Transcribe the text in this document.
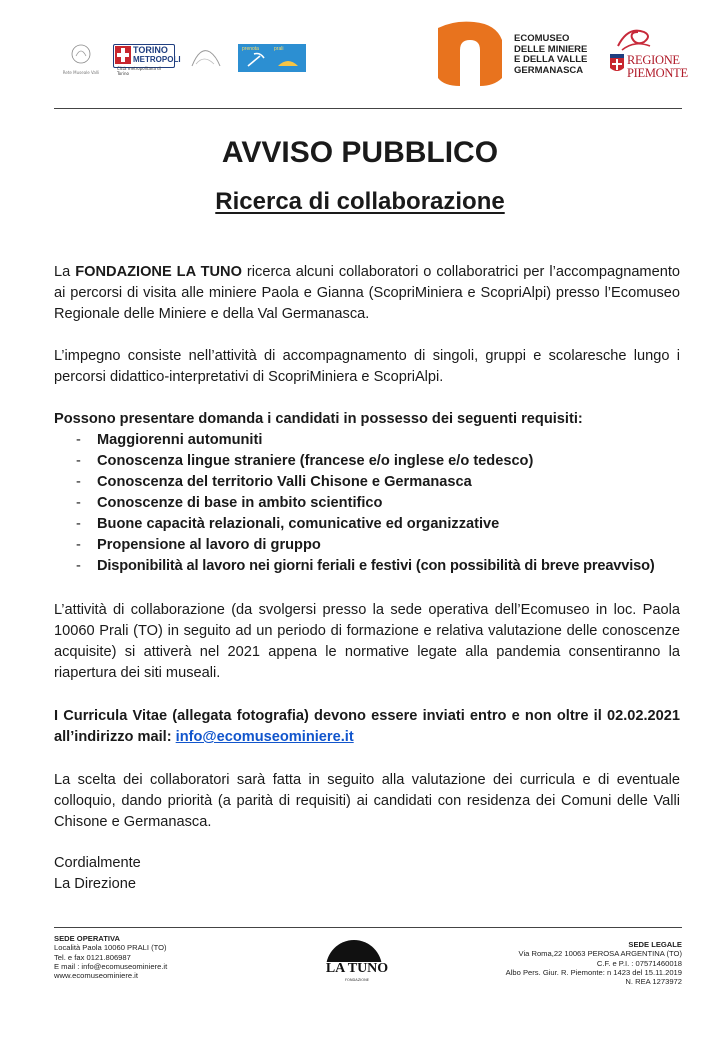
Rete Museale Valli
TORINO
METROPOLI
Città metropolitana di Torino
prenota	prali
ECOMUSEO
DELLE MINIERE
E DELLA VALLE
GERMANASCA
REGIONE
PIEMONTE
AVVISO PUBBLICO
Ricerca di collaborazione
La FONDAZIONE LA TUNO ricerca alcuni collaboratori o collaboratrici per l’accompagnamento ai percorsi di visita alle miniere Paola e Gianna (ScopriMiniera e ScopriAlpi) presso l’Ecomuseo Regionale delle Miniere e della Val Germanasca.
L’impegno consiste nell’attività di accompagnamento di singoli, gruppi e scolaresche lungo i percorsi didattico-interpretativi di ScopriMiniera e ScopriAlpi.
Possono presentare domanda i candidati in possesso dei seguenti requisiti:
- Maggiorenni automuniti
- Conoscenza lingue straniere (francese e/o inglese e/o tedesco)
- Conoscenza del territorio Valli Chisone e Germanasca
- Conoscenze di base in ambito scientifico
- Buone capacità relazionali, comunicative ed organizzative
- Propensione al lavoro di gruppo
- Disponibilità al lavoro nei giorni feriali e festivi (con possibilità di breve preavviso)
L’attività di collaborazione (da svolgersi presso la sede operativa dell’Ecomuseo in loc. Paola 10060 Prali (TO) in seguito ad un periodo di formazione e relativa valutazione delle conoscenze acquisite) si attiverà nel 2021 appena le normative legate alla pandemia consentiranno la riapertura dei siti museali.
I Curricula Vitae (allegata fotografia) devono essere inviati entro e non oltre il 02.02.2021 all’indirizzo mail: info@ecomuseominiere.it
La scelta dei collaboratori sarà fatta in seguito alla valutazione dei curricula e di eventuale colloquio, dando priorità (a parità di requisiti) ai candidati con residenza dei Comuni delle Valli Chisone e Germanasca.
Cordialmente
La Direzione
SEDE OPERATIVA
Località Paola 10060 PRALI (TO)
Tel. e fax 0121.806987
E mail : info@ecomuseominiere.it
www.ecomuseominiere.it	LA TUNO
FONDAZIONE
SEDE LEGALE
Via Roma,22 10063 PEROSA ARGENTINA (TO)
C.F. e P.I. : 07571460018
Albo Pers. Giur. R. Piemonte: n 1423 del 15.11.2019
N. REA 1273972
